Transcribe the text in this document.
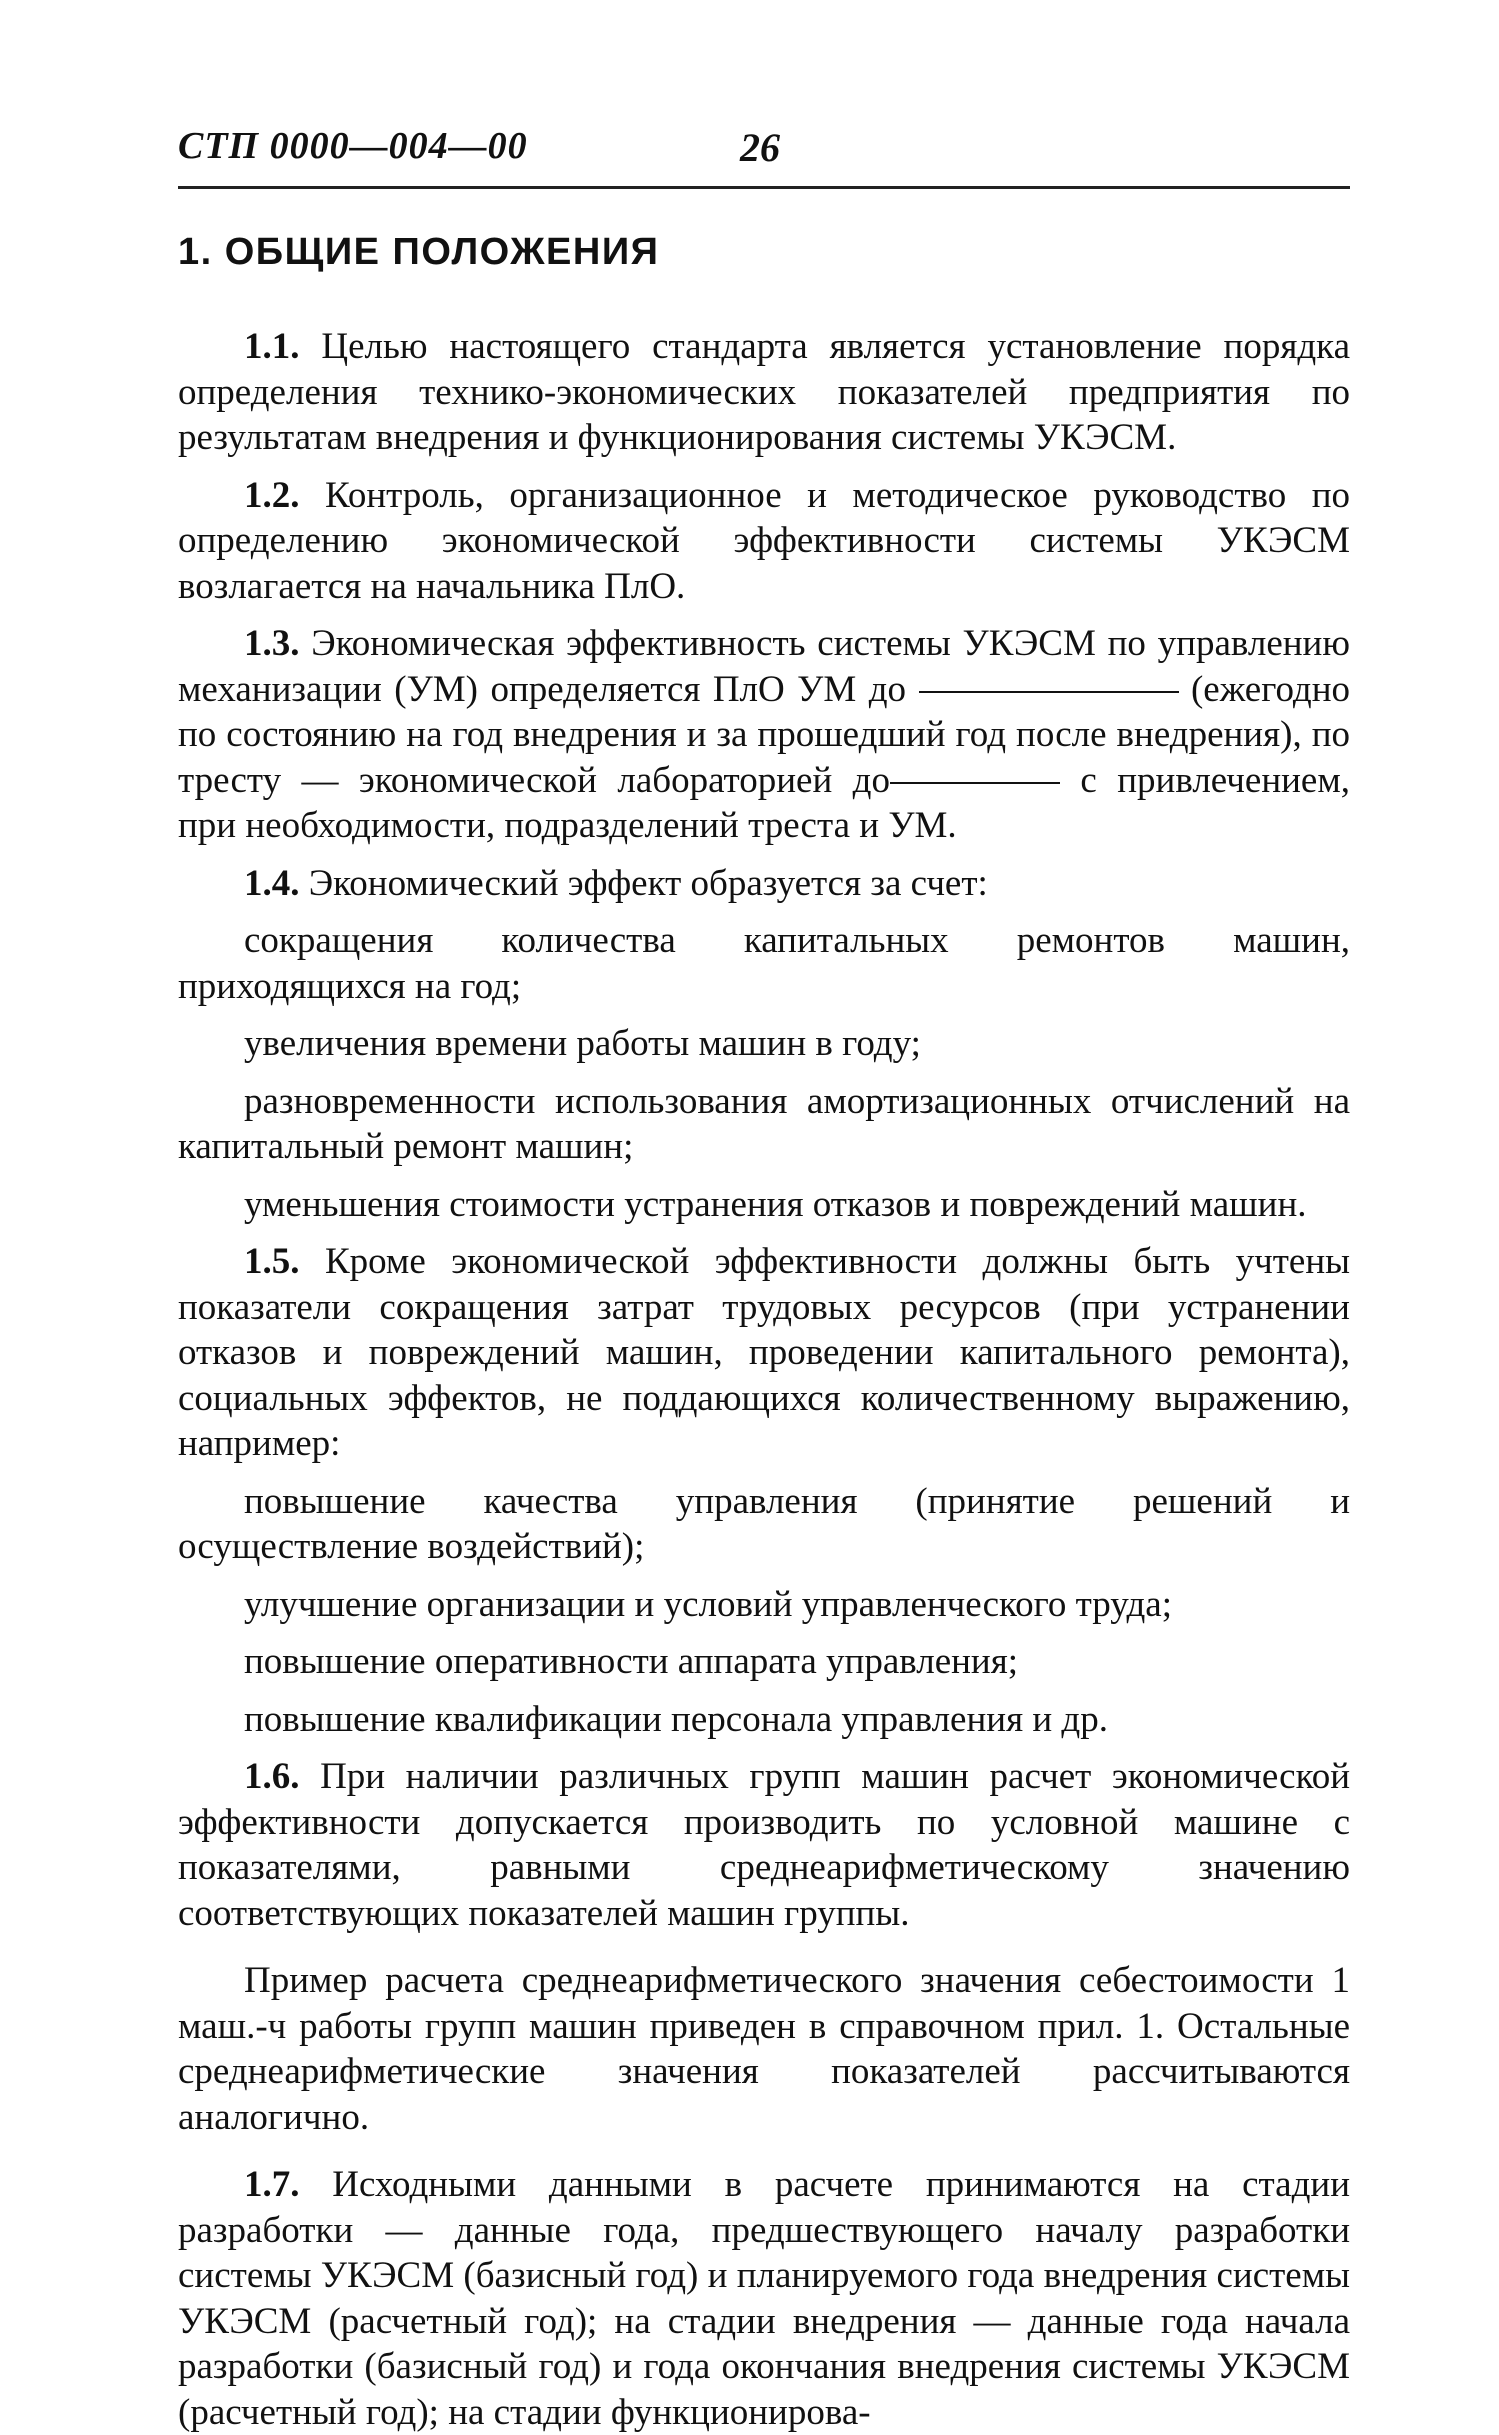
СТП 0000—004—00	26
1. ОБЩИЕ ПОЛОЖЕНИЯ

1.1. Целью настоящего стандарта является установление порядка определения технико-экономических показателей предприятия по результатам внедрения и функционирования системы УКЭСМ.

1.2. Контроль, организационное и методическое руководство по определению экономической эффективности системы УКЭСМ возлагается на начальника ПлО.

1.3. Экономическая эффективность системы УКЭСМ по управлению механизации (УМ) определяется ПлО УМ до	(ежегодно по состоянию на год внедрения и за прошедший год после внедрения), по тресту — экономической лабораторией до	с привлечением, при необходимости, подразделений треста и УМ.

1.4. Экономический эффект образуется за счет:

сокращения количества капитальных ремонтов машин, приходящихся на год;

увеличения времени работы машин в году;

разновременности использования амортизационных отчислений на капитальный ремонт машин;

уменьшения стоимости устранения отказов и повреждений машин.

1.5. Кроме экономической эффективности должны быть учтены показатели сокращения затрат трудовых ресурсов (при устранении отказов и повреждений машин, проведении капитального ремонта), социальных эффектов, не поддающихся количественному выражению, например:

повышение качества управления (принятие решений и осуществление воздействий);

улучшение организации и условий управленческого труда;

повышение оперативности аппарата управления;

повышение квалификации персонала управления и др.

1.6. При наличии различных групп машин расчет экономической эффективности допускается производить по условной машине с показателями, равными среднеарифметическому значению соответствующих показателей машин группы.

Пример расчета среднеарифметического значения себестоимости 1 маш.-ч работы групп машин приведен в справочном прил. 1. Остальные среднеарифметические значения показателей рассчитываются аналогично.

1.7. Исходными данными в расчете принимаются на стадии разработки — данные года, предшествующего началу разработки системы УКЭСМ (базисный год) и планируемого года внедрения системы УКЭСМ (расчетный год); на стадии внедрения — данные года начала разработки (базисный год) и года окончания внедрения системы УКЭСМ (расчетный год); на стадии функционирова-
